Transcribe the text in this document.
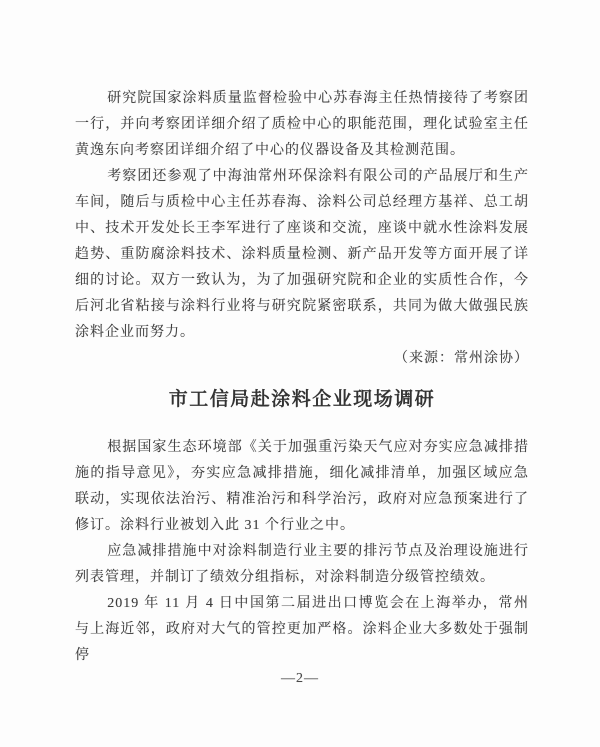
研究院国家涂料质量监督检验中心苏春海主任热情接待了考察团一行，并向考察团详细介绍了质检中心的职能范围，理化试验室主任黄逸东向考察团详细介绍了中心的仪器设备及其检测范围。

考察团还参观了中海油常州环保涂料有限公司的产品展厅和生产车间，随后与质检中心主任苏春海、涂料公司总经理方基祥、总工胡中、技术开发处长王李军进行了座谈和交流，座谈中就水性涂料发展趋势、重防腐涂料技术、涂料质量检测、新产品开发等方面开展了详细的讨论。双方一致认为，为了加强研究院和企业的实质性合作，今后河北省粘接与涂料行业将与研究院紧密联系，共同为做大做强民族涂料企业而努力。

（来源：常州涂协）

市工信局赴涂料企业现场调研

根据国家生态环境部《关于加强重污染天气应对夯实应急减排措施的指导意见》，夯实应急减排措施，细化减排清单，加强区域应急联动，实现依法治污、精准治污和科学治污，政府对应急预案进行了修订。涂料行业被划入此 31 个行业之中。

应急减排措施中对涂料制造行业主要的排污节点及治理设施进行列表管理，并制订了绩效分组指标，对涂料制造分级管控绩效。

2019 年 11 月 4 日中国第二届进出口博览会在上海举办，常州与上海近邻，政府对大气的管控更加严格。涂料企业大多数处于强制停

—2—
